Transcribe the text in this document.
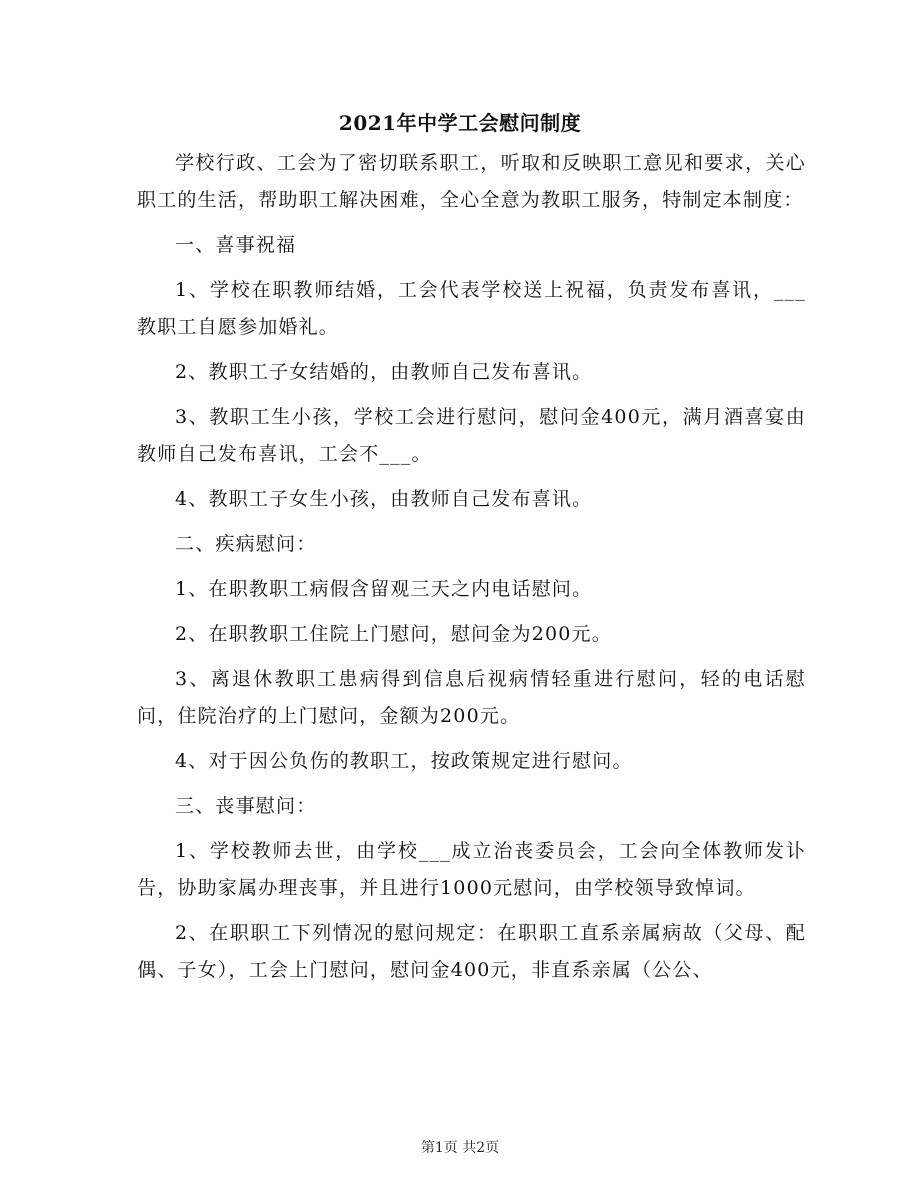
2021年中学工会慰问制度

学校行政、工会为了密切联系职工，听取和反映职工意见和要求，关心职工的生活，帮助职工解决困难，全心全意为教职工服务，特制定本制度：

一、喜事祝福

1、学校在职教师结婚，工会代表学校送上祝福，负责发布喜讯，___教职工自愿参加婚礼。

2、教职工子女结婚的，由教师自己发布喜讯。

3、教职工生小孩，学校工会进行慰问，慰问金400元，满月酒喜宴由教师自己发布喜讯，工会不___。

4、教职工子女生小孩，由教师自己发布喜讯。

二、疾病慰问：

1、在职教职工病假含留观三天之内电话慰问。

2、在职教职工住院上门慰问，慰问金为200元。

3、离退休教职工患病得到信息后视病情轻重进行慰问，轻的电话慰问，住院治疗的上门慰问，金额为200元。

4、对于因公负伤的教职工，按政策规定进行慰问。

三、丧事慰问：

1、学校教师去世，由学校___成立治丧委员会，工会向全体教师发讣告，协助家属办理丧事，并且进行1000元慰问，由学校领导致悼词。

2、在职职工下列情况的慰问规定：在职职工直系亲属病故（父母、配偶、子女），工会上门慰问，慰问金400元，非直系亲属（公公、

第1页 共2页
